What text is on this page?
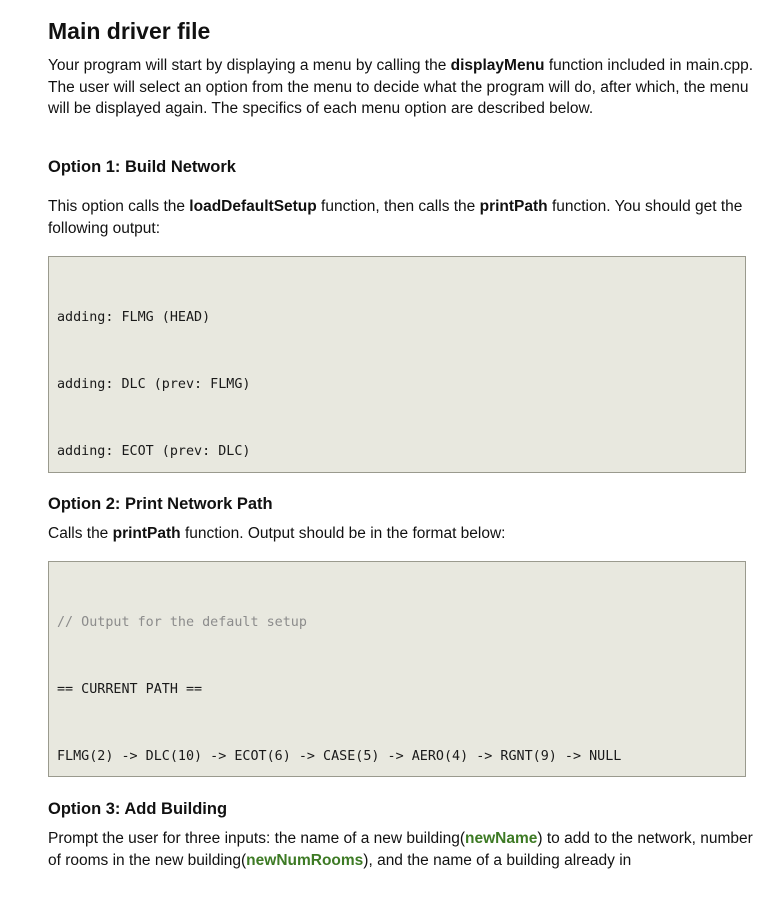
Main driver file
Your program will start by displaying a menu by calling the displayMenu function included in main.cpp. The user will select an option from the menu to decide what the program will do, after which, the menu will be displayed again. The specifics of each menu option are described below.
Option 1: Build Network
This option calls the loadDefaultSetup function, then calls the printPath function. You should get the following output:

adding: FLMG (HEAD)

adding: DLC (prev: FLMG)

adding: ECOT (prev: DLC)

Option 2: Print Network Path
Calls the printPath function. Output should be in the format below:

// Output for the default setup

== CURRENT PATH ==

FLMG(2) -> DLC(10) -> ECOT(6) -> CASE(5) -> AERO(4) -> RGNT(9) -> NULL

Option 3: Add Building
Prompt the user for three inputs: the name of a new building(newName) to add to the network, number of rooms in the new building(newNumRooms), and the name of a building already in
